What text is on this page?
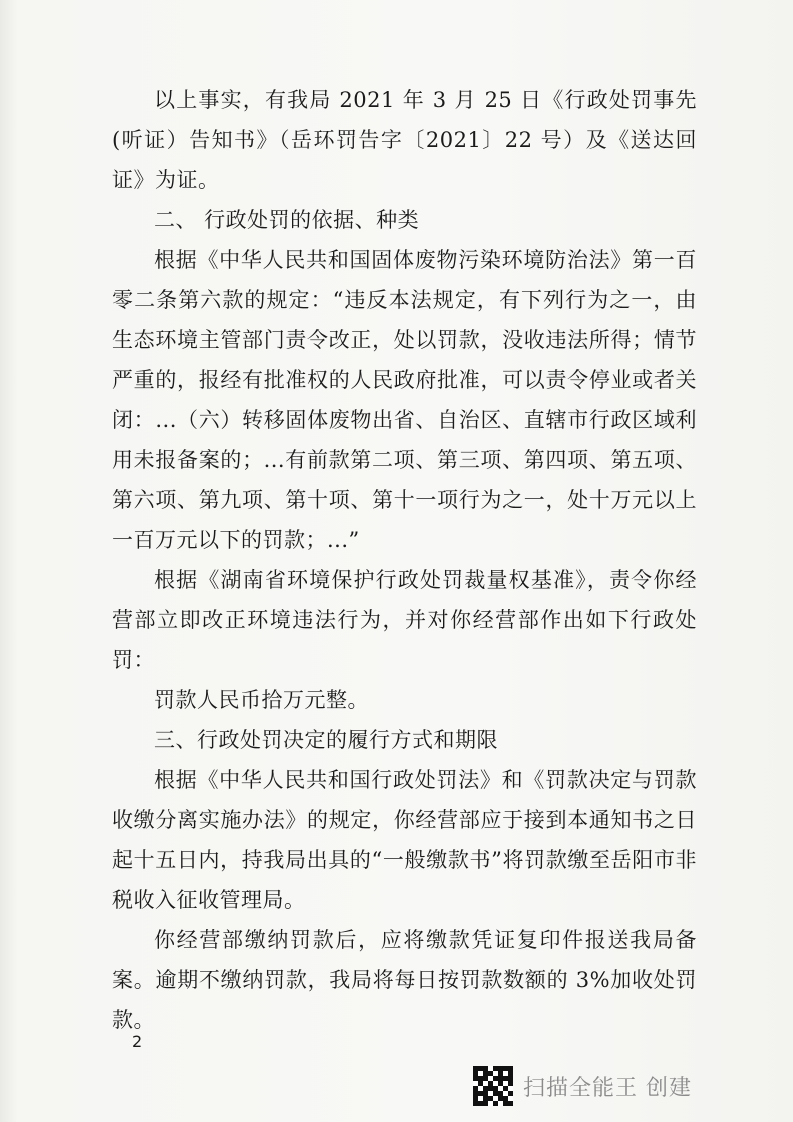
以上事实，有我局 2021 年 3 月 25 日《行政处罚事先(听证）告知书》（岳环罚告字〔2021〕22 号）及《送达回证》为证。

二、 行政处罚的依据、种类

根据《中华人民共和国固体废物污染环境防治法》第一百零二条第六款的规定：“违反本法规定，有下列行为之一，由生态环境主管部门责令改正，处以罚款，没收违法所得；情节严重的，报经有批准权的人民政府批准，可以责令停业或者关闭：...（六）转移固体废物出省、自治区、直辖市行政区域利用未报备案的；...有前款第二项、第三项、第四项、第五项、第六项、第九项、第十项、第十一项行为之一，处十万元以上一百万元以下的罚款；...”

根据《湖南省环境保护行政处罚裁量权基准》，责令你经营部立即改正环境违法行为，并对你经营部作出如下行政处罚：

罚款人民币拾万元整。

三、行政处罚决定的履行方式和期限

根据《中华人民共和国行政处罚法》和《罚款决定与罚款收缴分离实施办法》的规定，你经营部应于接到本通知书之日起十五日内，持我局出具的“一般缴款书”将罚款缴至岳阳市非税收入征收管理局。

你经营部缴纳罚款后，应将缴款凭证复印件报送我局备案。逾期不缴纳罚款，我局将每日按罚款数额的 3%加收处罚款。

2
扫描全能王 创建
